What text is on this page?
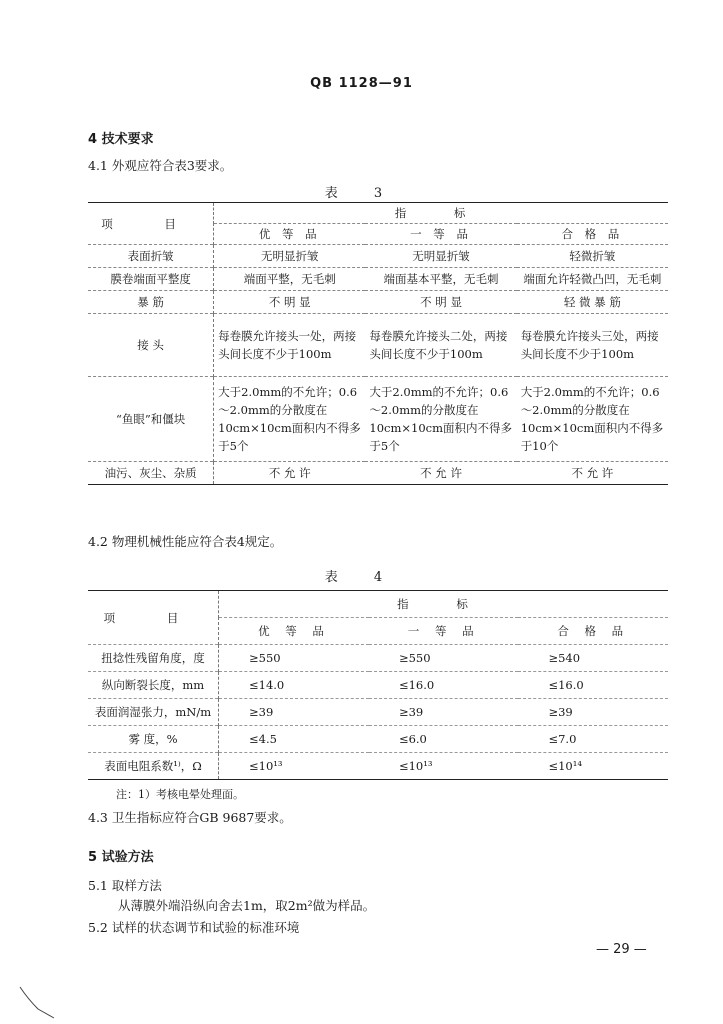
QB 1128—91
4 技术要求
4.1 外观应符合表3要求。
表 3
项 目	指 标		
	优 等 品	一 等 品	合 格 品
表面折皱	无明显折皱	无明显折皱	轻微折皱
膜卷端面平整度	端面平整，无毛刺	端面基本平整，无毛刺	端面允许轻微凸凹，无毛刺
暴 筋	不 明 显	不 明 显	轻 微 暴 筋
接 头	每卷膜允许接头一处，两接头间长度不少于100m	每卷膜允许接头二处，两接头间长度不少于100m	每卷膜允许接头三处，两接头间长度不少于100m
“鱼眼”和僵块	大于2.0mm的不允许；0.6～2.0mm的分散度在10cm×10cm面积内不得多于5个	大于2.0mm的不允许；0.6～2.0mm的分散度在10cm×10cm面积内不得多于5个	大于2.0mm的不允许；0.6～2.0mm的分散度在10cm×10cm面积内不得多于10个
油污、灰尘、杂质	不 允 许	不 允 许	不 允 许
4.2 物理机械性能应符合表4规定。
表 4
项 目	指 标		
	优 等 品	一 等 品	合 格 品
扭捻性残留角度，度	≥550	≥550	≥540
纵向断裂长度，mm	≤14.0	≤16.0	≤16.0
表面润湿张力，mN/m	≥39	≥39	≥39
雾 度，%	≤4.5	≤6.0	≤7.0
表面电阻系数¹⁾，Ω	≤10¹³	≤10¹³	≤10¹⁴
注：1）考核电晕处理面。
4.3 卫生指标应符合GB 9687要求。
5 试验方法
5.1 取样方法
从薄膜外端沿纵向舍去1m，取2m²做为样品。
5.2 试样的状态调节和试验的标准环境
— 29 —
